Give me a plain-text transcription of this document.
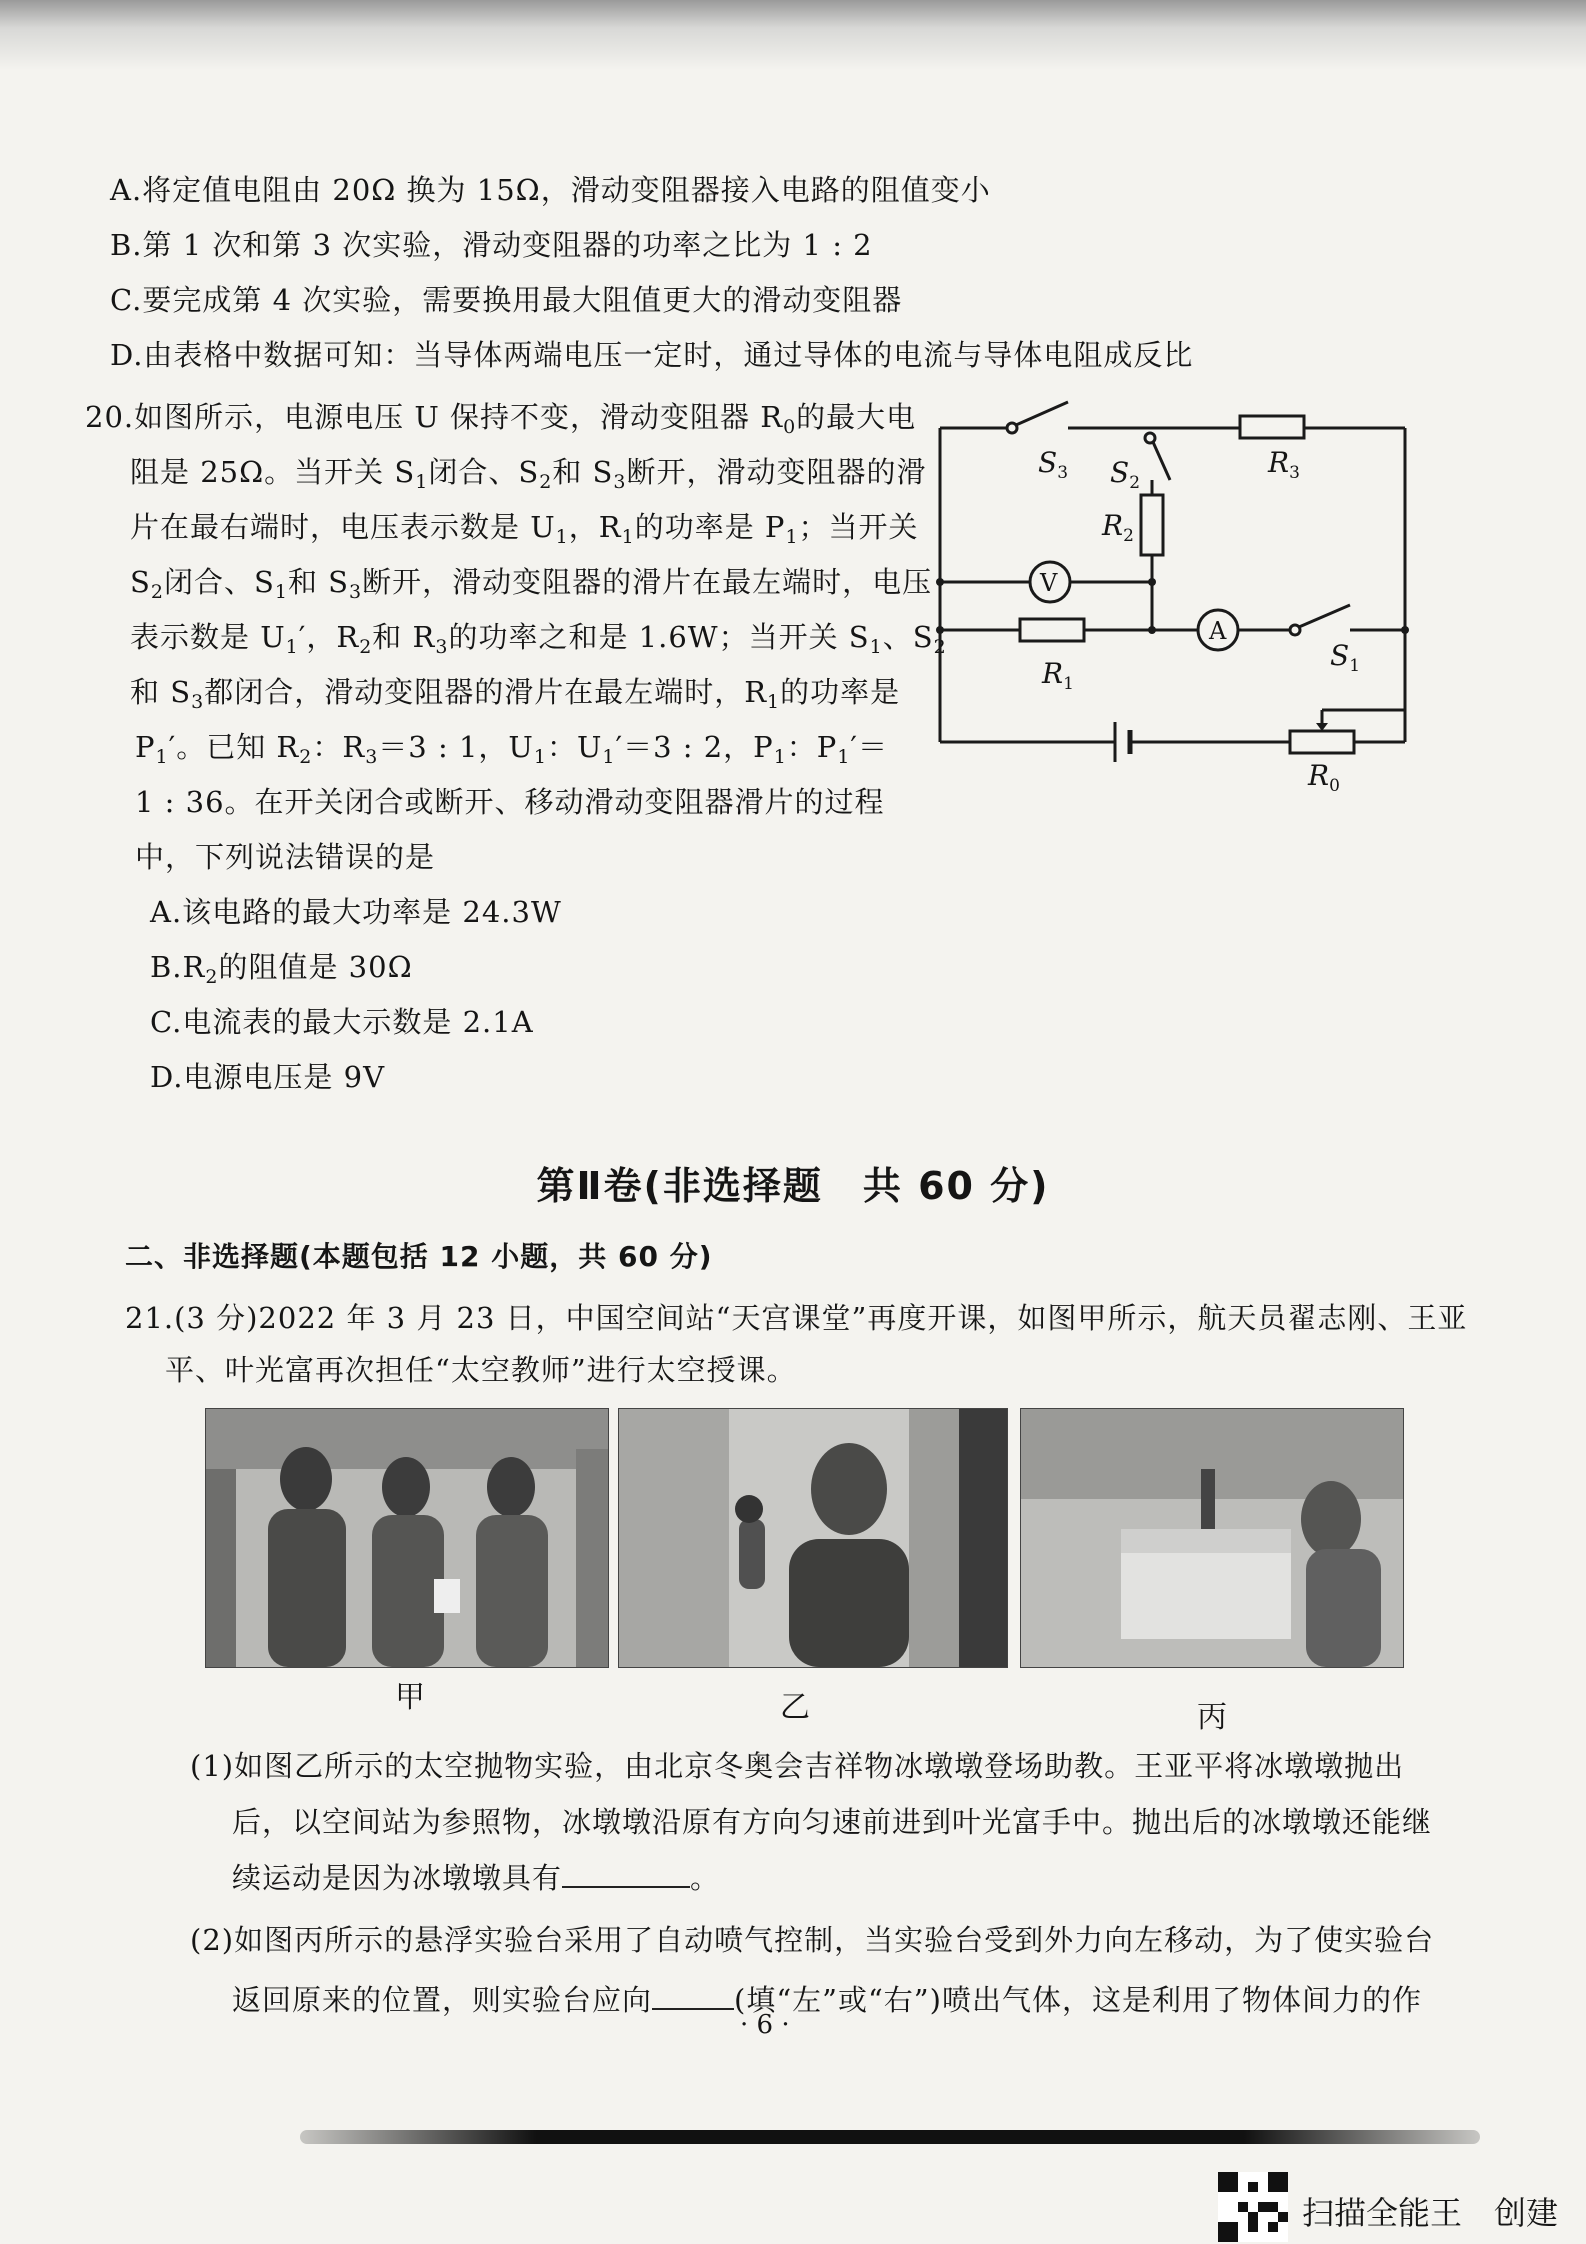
A.将定值电阻由 20Ω 换为 15Ω，滑动变阻器接入电路的阻值变小
B.第 1 次和第 3 次实验，滑动变阻器的功率之比为 1 : 2
C.要完成第 4 次实验，需要换用最大阻值更大的滑动变阻器
D.由表格中数据可知：当导体两端电压一定时，通过导体的电流与导体电阻成反比
20.如图所示，电源电压 U 保持不变，滑动变阻器 $R_0$的最大电
阻是 25Ω。当开关 $S_1$闭合、$S_2$和 $S_3$断开，滑动变阻器的滑
片在最右端时，电压表示数是 $U_1$，$R_1$的功率是 $P_1$；当开关
$S_2$闭合、$S_1$和 $S_3$断开，滑动变阻器的滑片在最左端时，电压
表示数是 $U_1'$，$R_2$和 $R_3$的功率之和是 1.6W；当开关 $S_1$、$S_2$
和 $S_3$都闭合，滑动变阻器的滑片在最左端时，$R_1$的功率是
$P_1'$。已知 $R_2$：$R_3=3$ : 1，$U_1$：$U_1'=3$ : 2，$P_1$：$P_1'=$
1 : 36。在开关闭合或断开、移动滑动变阻器滑片的过程
中，下列说法错误的是
A.该电路的最大功率是 24.3W
$B.R_2$的阻值是 30Ω
C.电流表的最大示数是 2.1A
D.电源电压是 9V
$S_3$ $S_2$
$R_3$
$R_2$
V
A
$R_1$
$S_1$
$R_0$
第Ⅱ卷(非选择题　共 60 分)
二、非选择题(本题包括 12 小题，共 60 分)
21.(3 分)2022 年 3 月 23 日，中国空间站“天宫课堂”再度开课，如图甲所示，航天员翟志刚、王亚
平、叶光富再次担任“太空教师”进行太空授课。
甲	乙	丙
(1)如图乙所示的太空抛物实验，由北京冬奥会吉祥物冰墩墩登场助教。王亚平将冰墩墩抛出
后，以空间站为参照物，冰墩墩沿原有方向匀速前进到叶光富手中。抛出后的冰墩墩还能继
续运动是因为冰墩墩具有	。
(2)如图丙所示的悬浮实验台采用了自动喷气控制，当实验台受到外力向左移动，为了使实验台
返回原来的位置，则实验台应向	(填“左”或“右”)喷出气体，这是利用了物体间力的作
· 6 ·
扫描全能王　创建
